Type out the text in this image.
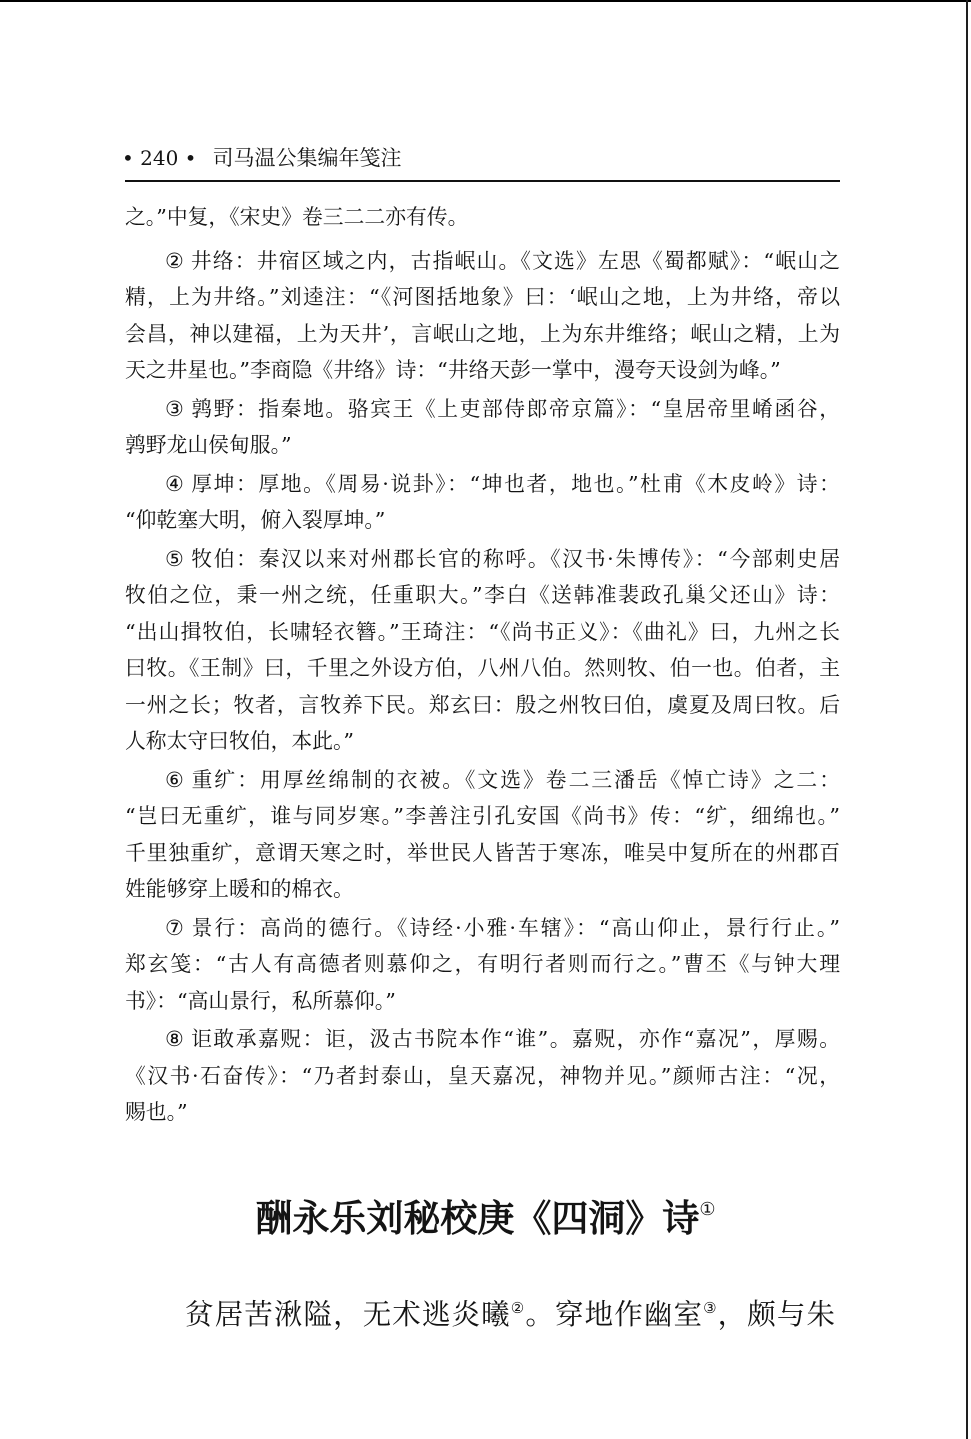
• 240 • 司马温公集编年笺注
之。”中复，《宋史》卷三二二亦有传。
② 井络：井宿区域之内，古指岷山。《文选》左思《蜀都赋》：“岷山之
精，上为井络。”刘逵注：“《河图括地象》曰：‘岷山之地，上为井络，帝以
会昌，神以建福，上为天井’，言岷山之地，上为东井维络；岷山之精，上为
天之井星也。”李商隐《井络》诗：“井络天彭一掌中，漫夸天设剑为峰。”
③ 鹑野：指秦地。骆宾王《上吏部侍郎帝京篇》：“皇居帝里崤函谷，
鹑野龙山侯甸服。”
④ 厚坤：厚地。《周易·说卦》：“坤也者，地也。”杜甫《木皮岭》诗：
“仰乾塞大明，俯入裂厚坤。”
⑤ 牧伯：秦汉以来对州郡长官的称呼。《汉书·朱博传》：“今部刺史居
牧伯之位，秉一州之统，任重职大。”李白《送韩准裴政孔巢父还山》诗：
“出山揖牧伯，长啸轻衣簪。”王琦注：“《尚书正义》：《曲礼》曰，九州之长
曰牧。《王制》曰，千里之外设方伯，八州八伯。然则牧、伯一也。伯者，主
一州之长；牧者，言牧养下民。郑玄曰：殷之州牧曰伯，虞夏及周曰牧。后
人称太守曰牧伯，本此。”
⑥ 重纩：用厚丝绵制的衣被。《文选》卷二三潘岳《悼亡诗》之二：
“岂曰无重纩，谁与同岁寒。”李善注引孔安国《尚书》传：“纩，细绵也。”
千里独重纩，意谓天寒之时，举世民人皆苦于寒冻，唯吴中复所在的州郡百
姓能够穿上暖和的棉衣。
⑦ 景行：高尚的德行。《诗经·小雅·车辖》：“高山仰止，景行行止。”
郑玄笺：“古人有高德者则慕仰之，有明行者则而行之。”曹丕《与钟大理
书》：“高山景行，私所慕仰。”
⑧ 讵敢承嘉贶：讵，汲古书院本作“谁”。嘉贶，亦作“嘉况”，厚赐。
《汉书·石奋传》：“乃者封泰山，皇天嘉况，神物并见。”颜师古注：“况，
赐也。”
酬永乐刘秘校庚《四洞》诗①
贫居苦湫隘，无术逃炎曦②。穿地作幽室③，颇与朱
